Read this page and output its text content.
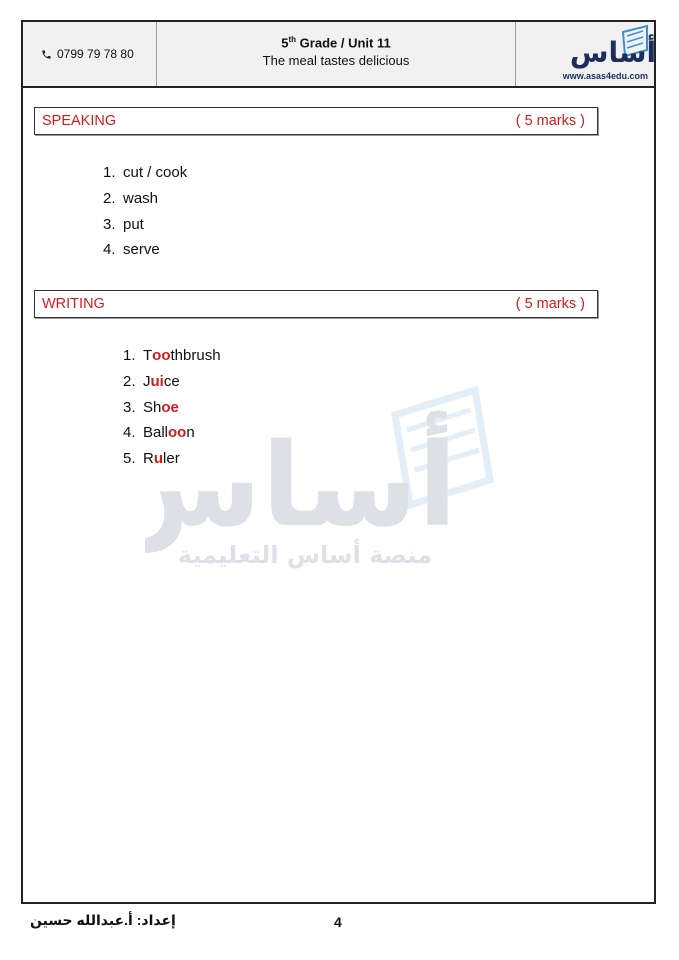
0799 79 78 80
5th Grade / Unit 11
The meal tastes delicious	أساس
www.asas4edu.com
أساس
منصة أساس التعليمية
SPEAKING	( 5 marks )
1. cut / cook
2. wash
3. put
4. serve
WRITING	( 5 marks )
1. Toothbrush
2. Juice
3. Shoe
4. Balloon
5. Ruler
إعداد: أ.عبدالله حسين	4
